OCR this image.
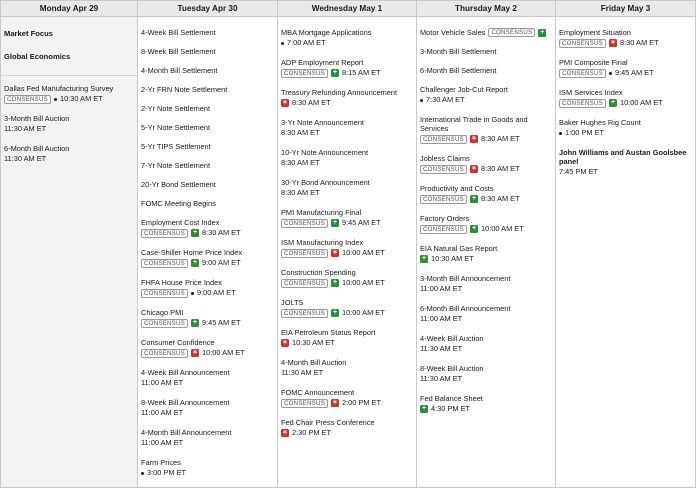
Monday Apr 29
Market Focus
Global Economics
Dallas Fed Manufacturing Survey
CONSENSUS	10:30 AM ET
3-Month Bill Auction
11:30 AM ET
6-Month Bill Auction
11:30 AM ET
Tuesday Apr 30
4-Week Bill Settlement
8-Week Bill Settlement
4-Month Bill Settlement
2-Yr FRN Note Settlement
2-Yr Note Settlement
5-Yr Note Settlement
5-Yr TIPS Settlement
7-Yr Note Settlement
20-Yr Bond Settlement
FOMC Meeting Begins
Employment Cost Index
CONSENSUS	+ 8:30 AM ET
Case-Shiller Home Price Index
CONSENSUS	+ 9:00 AM ET
FHFA House Price Index
CONSENSUS	9:00 AM ET
Chicago PMI
CONSENSUS	+ 9:45 AM ET
Consumer Confidence
CONSENSUS	✶ 10:00 AM ET
4-Week Bill Announcement
11:00 AM ET
8-Week Bill Announcement
11:00 AM ET
4-Month Bill Announcement
11:00 AM ET
Farm Prices
3:00 PM ET
Wednesday May 1
MBA Mortgage Applications
7:00 AM ET
ADP Employment Report
CONSENSUS	+ 8:15 AM ET
Treasury Refunding Announcement
✶ 8:30 AM ET
3-Yr Note Announcement
8:30 AM ET
10-Yr Note Announcement
8:30 AM ET
30-Yr Bond Announcement
8:30 AM ET
PMI Manufacturing Final
CONSENSUS	+ 9:45 AM ET
ISM Manufacturing Index
CONSENSUS	✶ 10:00 AM ET
Construction Spending
CONSENSUS	+ 10:00 AM ET
JOLTS
CONSENSUS	+ 10:00 AM ET
EIA Petroleum Status Report
✶ 10:30 AM ET
4-Month Bill Auction
11:30 AM ET
FOMC Announcement
CONSENSUS	✶ 2:00 PM ET
Fed Chair Press Conference
✶ 2:30 PM ET
Thursday May 2
Motor Vehicle Sales CONSENSUS	+
3-Month Bill Settlement
6-Month Bill Settlement
Challenger Job-Cut Report
7:30 AM ET
International Trade in Goods and Services
CONSENSUS	✶ 8:30 AM ET
Jobless Claims
CONSENSUS	✶ 8:30 AM ET
Productivity and Costs
CONSENSUS	+ 8:30 AM ET
Factory Orders
CONSENSUS	+ 10:00 AM ET
EIA Natural Gas Report
+ 10:30 AM ET
3-Month Bill Announcement
11:00 AM ET
6-Month Bill Announcement
11:00 AM ET
4-Week Bill Auction
11:30 AM ET
8-Week Bill Auction
11:30 AM ET
Fed Balance Sheet
+ 4:30 PM ET
Friday May 3
Employment Situation
CONSENSUS	✶ 8:30 AM ET
PMI Composite Final
CONSENSUS	9:45 AM ET
ISM Services Index
CONSENSUS	+ 10:00 AM ET
Baker Hughes Rig Count
1:00 PM ET
John Williams and Austan Goolsbee panel
7:45 PM ET
